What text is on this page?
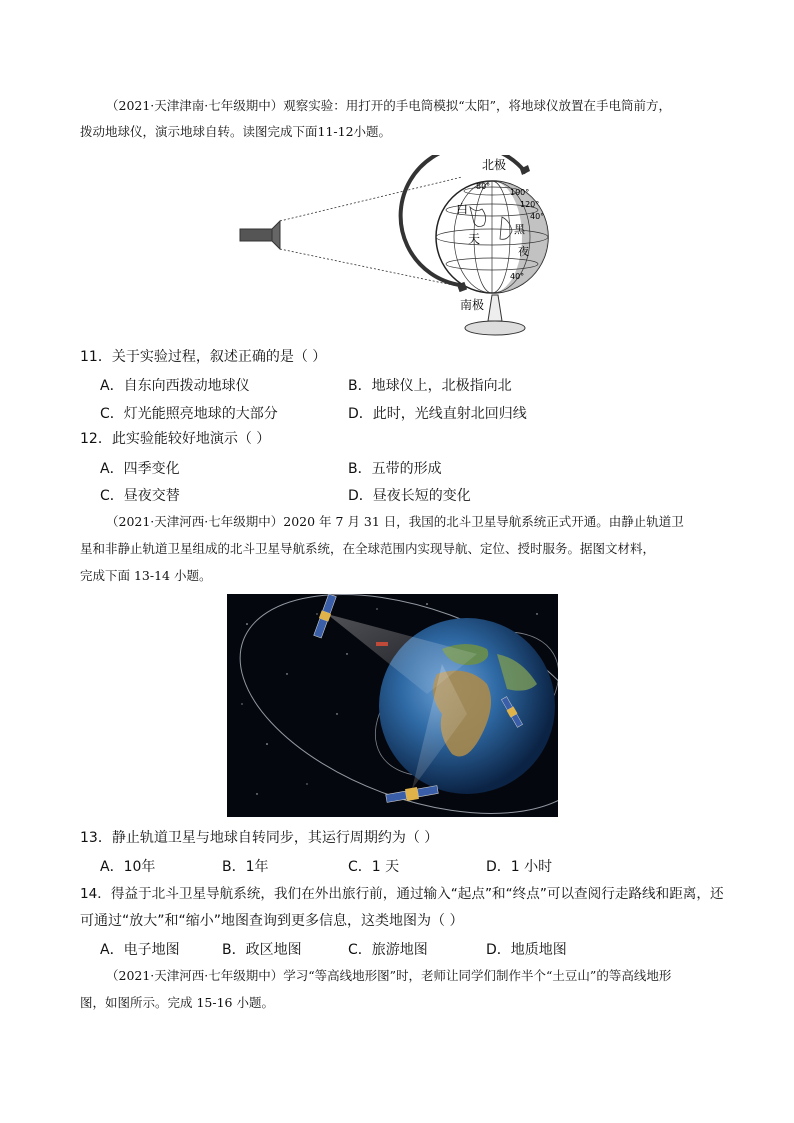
（2021·天津津南·七年级期中）观察实验：用打开的手电筒模拟“太阳”，将地球仪放置在手电筒前方，
拨动地球仪，演示地球自转。读图完成下面11-12小题。
北极
南极
80°
100°
120°
40°
40°
白
天
黑
夜
11．关于实验过程，叙述正确的是（ ）
A．自东向西拨动地球仪	B．地球仪上，北极指向北
C．灯光能照亮地球的大部分	D．此时，光线直射北回归线
12．此实验能较好地演示（ ）
A．四季变化	B．五带的形成
C．昼夜交替	D．昼夜长短的变化
（2021·天津河西·七年级期中）2020 年 7 月 31 日，我国的北斗卫星导航系统正式开通。由静止轨道卫
星和非静止轨道卫星组成的北斗卫星导航系统，在全球范围内实现导航、定位、授时服务。据图文材料，
完成下面 13-14 小题。
13．静止轨道卫星与地球自转同步，其运行周期约为（ ）
A．10年	B．1年	C．1 天	D．1 小时
14．得益于北斗卫星导航系统，我们在外出旅行前，通过输入“起点”和“终点”可以查阅行走路线和距离，还
可通过“放大”和“缩小”地图查询到更多信息，这类地图为（ ）
A．电子地图	B．政区地图	C．旅游地图	D．地质地图
（2021·天津河西·七年级期中）学习“等高线地形图”时，老师让同学们制作半个“土豆山”的等高线地形
图，如图所示。完成 15-16 小题。
